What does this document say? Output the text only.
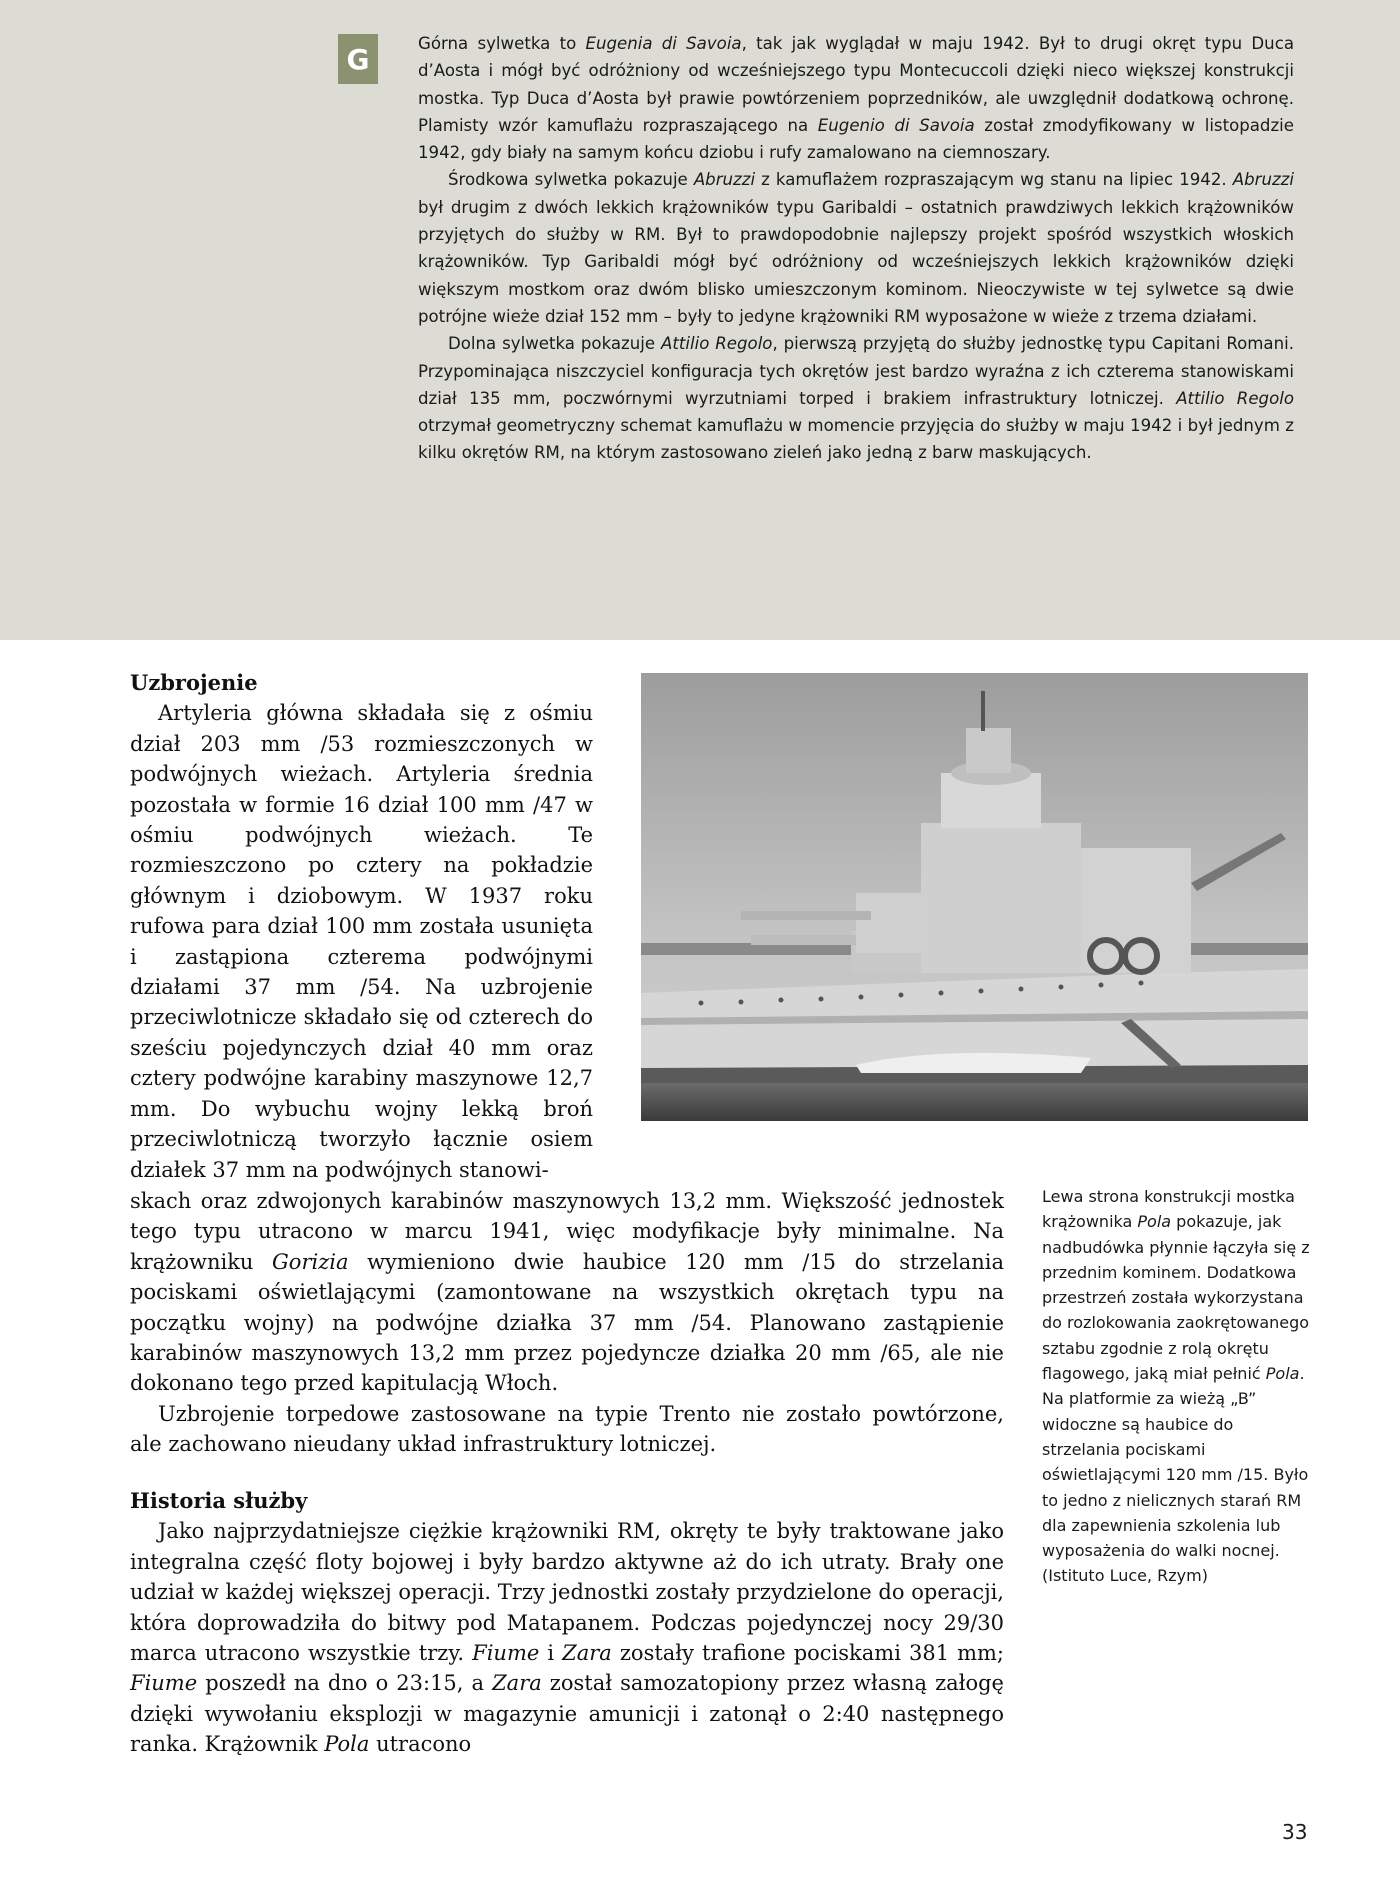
G	Górna sylwetka to Eugenia di Savoia, tak jak wyglądał w maju 1942. Był to drugi okręt typu Duca d’Aosta i mógł być odróżniony od wcześniejszego typu Montecuccoli dzięki nieco większej konstrukcji mostka. Typ Duca d’Aosta był prawie powtórzeniem poprzedników, ale uwzględnił dodatkową ochronę. Plamisty wzór kamuflażu rozpraszającego na Eugenio di Savoia został zmodyfikowany w listopadzie 1942, gdy biały na samym końcu dziobu i rufy zamalowano na ciemnoszary.

Środkowa sylwetka pokazuje Abruzzi z kamuflażem rozpraszającym wg stanu na lipiec 1942. Abruzzi był drugim z dwóch lekkich krążowników typu Garibaldi – ostatnich prawdziwych lekkich krążowników przyjętych do służby w RM. Był to prawdopodobnie najlepszy projekt spośród wszystkich włoskich krążowników. Typ Garibaldi mógł być odróżniony od wcześniejszych lekkich krążowników dzięki większym mostkom oraz dwóm blisko umieszczonym kominom. Nieoczywiste w tej sylwetce są dwie potrójne wieże dział 152 mm – były to jedyne krążowniki RM wyposażone w wieże z trzema działami.

Dolna sylwetka pokazuje Attilio Regolo, pierwszą przyjętą do służby jednostkę typu Capitani Romani. Przypominająca niszczyciel konfiguracja tych okrętów jest bardzo wyraźna z ich czterema stanowiskami dział 135 mm, poczwórnymi wyrzutniami torped i brakiem infrastruktury lotniczej. Attilio Regolo otrzymał geometryczny schemat kamuflażu w momencie przyjęcia do służby w maju 1942 i był jednym z kilku okrętów RM, na którym zastosowano zieleń jako jedną z barw maskujących.

Uzbrojenie

Artyleria główna składała się z ośmiu dział 203 mm /53 rozmieszczonych w podwójnych wieżach. Artyleria średnia pozostała w formie 16 dział 100 mm /47 w ośmiu podwójnych wieżach. Te rozmieszczono po cztery na pokładzie głównym i dziobowym. W 1937 roku rufowa para dział 100 mm została usunięta i zastąpiona czterema podwójnymi działami 37 mm /54. Na uzbrojenie przeciwlotnicze składało się od czterech do sześciu pojedynczych dział 40 mm oraz cztery podwójne karabiny maszynowe 12,7 mm. Do wybuchu wojny lekką broń przeciwlotniczą tworzyło łącznie osiem działek 37 mm na podwójnych stanowi-

skach oraz zdwojonych karabinów maszynowych 13,2 mm. Większość jednostek tego typu utracono w marcu 1941, więc modyfikacje były minimalne. Na krążowniku Gorizia wymieniono dwie haubice 120 mm /15 do strzelania pociskami oświetlającymi (zamontowane na wszystkich okrętach typu na początku wojny) na podwójne działka 37 mm /54. Planowano zastąpienie karabinów maszynowych 13,2 mm przez pojedyncze działka 20 mm /65, ale nie dokonano tego przed kapitulacją Włoch.

Uzbrojenie torpedowe zastosowane na typie Trento nie zostało powtórzone, ale zachowano nieudany układ infrastruktury lotniczej.

Historia służby

Jako najprzydatniejsze ciężkie krążowniki RM, okręty te były traktowane jako integralna część floty bojowej i były bardzo aktywne aż do ich utraty. Brały one udział w każdej większej operacji. Trzy jednostki zostały przydzielone do operacji, która doprowadziła do bitwy pod Matapanem. Podczas pojedynczej nocy 29/30 marca utracono wszystkie trzy. Fiume i Zara zostały trafione pociskami 381 mm; Fiume poszedł na dno o 23:15, a Zara został samozatopiony przez własną załogę dzięki wywołaniu eksplozji w magazynie amunicji i zatonął o 2:40 następnego ranka. Krążownik Pola utracono

Lewa strona konstrukcji mostka krążownika Pola pokazuje, jak nadbudówka płynnie łączyła się z przednim kominem. Dodatkowa przestrzeń została wykorzystana do rozlokowania zaokrętowanego sztabu zgodnie z rolą okrętu flagowego, jaką miał pełnić Pola. Na platformie za wieżą „B” widoczne są haubice do strzelania pociskami oświetlającymi 120 mm /15. Było to jedno z nielicznych starań RM dla zapewnienia szkolenia lub wyposażenia do walki nocnej. (Istituto Luce, Rzym)

33
